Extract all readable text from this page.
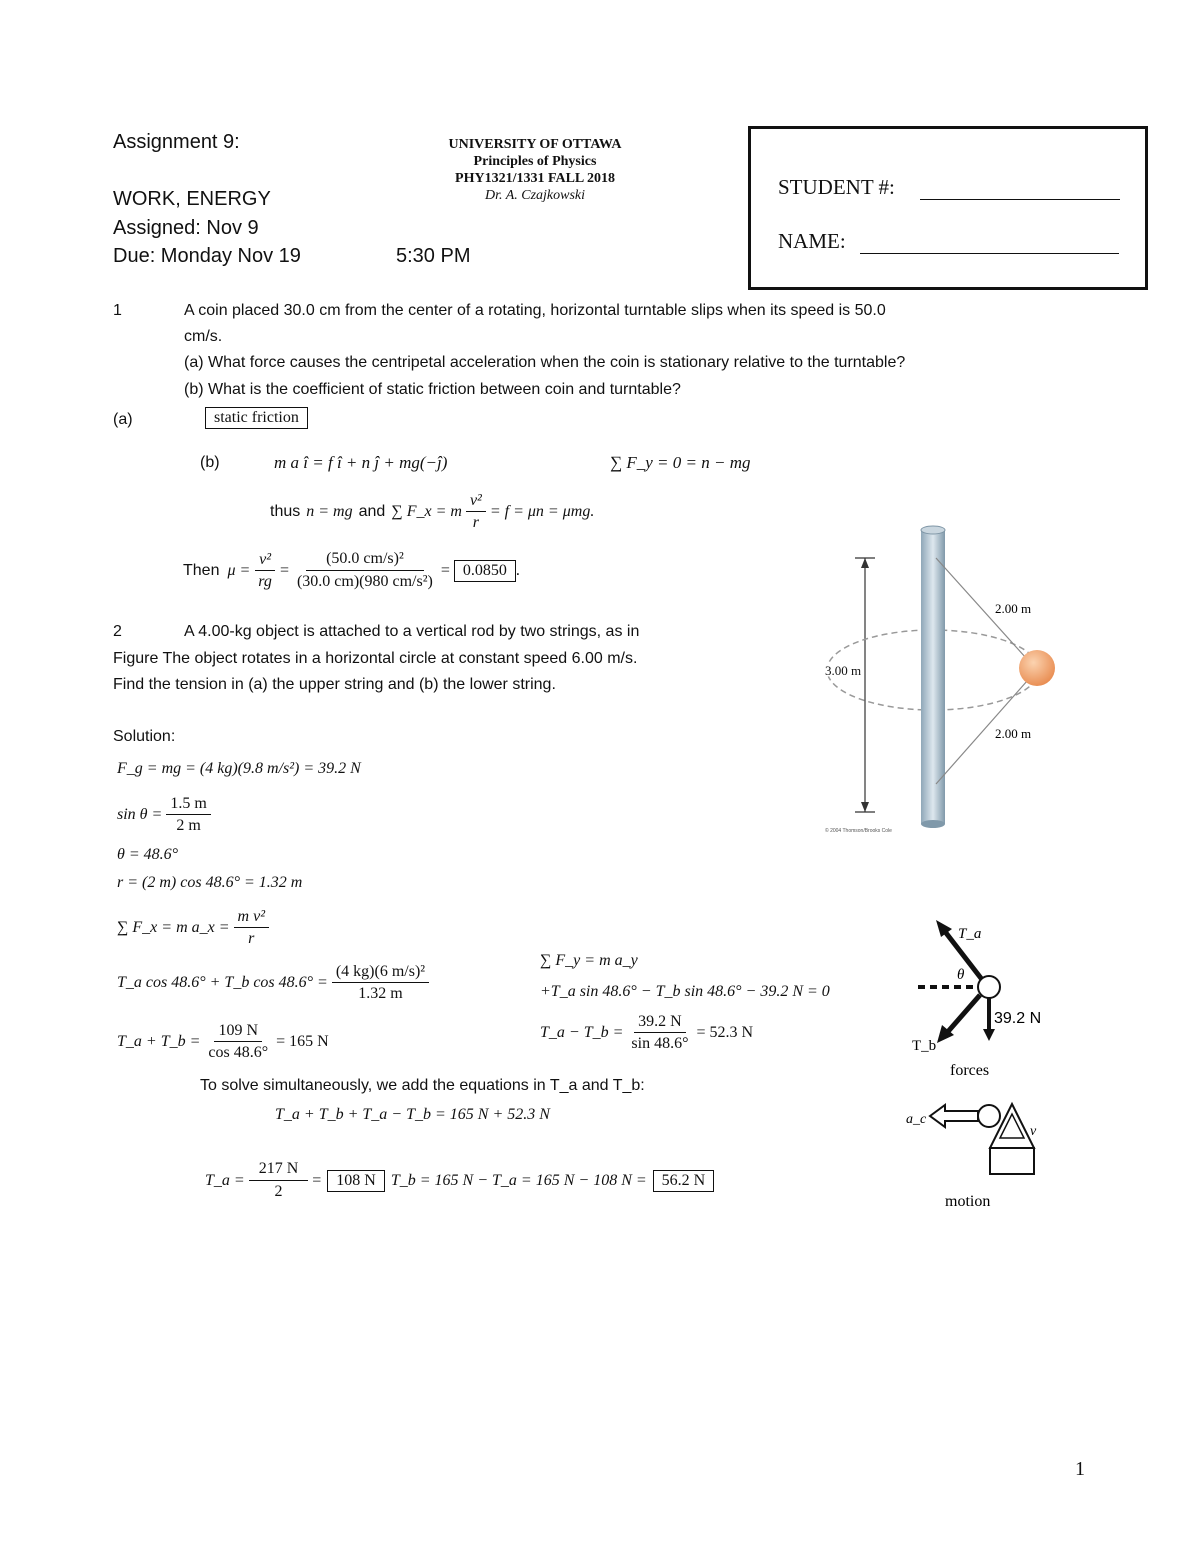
Assignment 9:
WORK, ENERGY
Assigned: Nov 9
Due: Monday Nov 19	5:30 PM
UNIVERSITY OF OTTAWA
Principles of Physics
PHY1321/1331 FALL 2018
Dr. A. Czajkowski	STUDENT #:
NAME:
1	A coin placed 30.0 cm from the center of a rotating, horizontal turntable slips when its speed is 50.0
cm/s.
(a) What force causes the centripetal acceleration when the coin is stationary relative to the turntable?
(b) What is the coefficient of static friction between coin and turntable?
(a)	static friction
(b)	m a î = f î + n ĵ + mg(−ĵ)	∑ F_y = 0 = n − mg
thus n = mg and ∑ F_x = m $\frac{\text{v²}}{r} = f = \mu n = \mu mg$.
Then $\mu = \frac{\text{v²}}{rg} = \frac{\text{(50.0 cm/s)²}}{\text{(30.0 cm)(980 cm/s²)}} = 0.0850$ .
2	A 4.00-kg object is attached to a vertical rod by two strings, as in
Figure The object rotates in a horizontal circle at constant speed 6.00 m/s.
Find the tension in (a) the upper string and (b) the lower string.
Solution:
F_g = mg = (4 kg)(9.8 m/s²) = 39.2 N
$\sin \theta = \frac{1.5 m}{2 m}$
θ = 48.6°
r = (2 m) cos 48.6° = 1.32 m
∑ F_x = m a_x = $\frac{\text{m v²}}{r}$
T_a cos 48.6° + T_b $\cos 48.6^\circ = \frac{\text{(4 kg)(6 m/s)²}}{1.32 m}$
∑ F_y = m a_y
+T_a sin 48.6° − T_b sin 48.6° − 39.2 N = 0
T_a + T_b = $\frac{109 N}{\cos 48.6^\circ} = 165$ N
T_a − T_b = $\frac{39.2 N}{\sin 48.6^\circ} = 52.3$ N
To solve simultaneously, we add the equations in T_a and T_b:
T_a + T_b + T_a − T_b = 165 N + 52.3 N
T_a = $\frac{217 N}{2} = 108$ N T_b = 165 N − T_a = 165 N − 108 N = 56.2 N
2.00 m
3.00 m
2.00 m
© 2004 Thomson/Brooks Cole
T_a
θ
39.2 N
T_b
forces
a_c
v
motion
1
